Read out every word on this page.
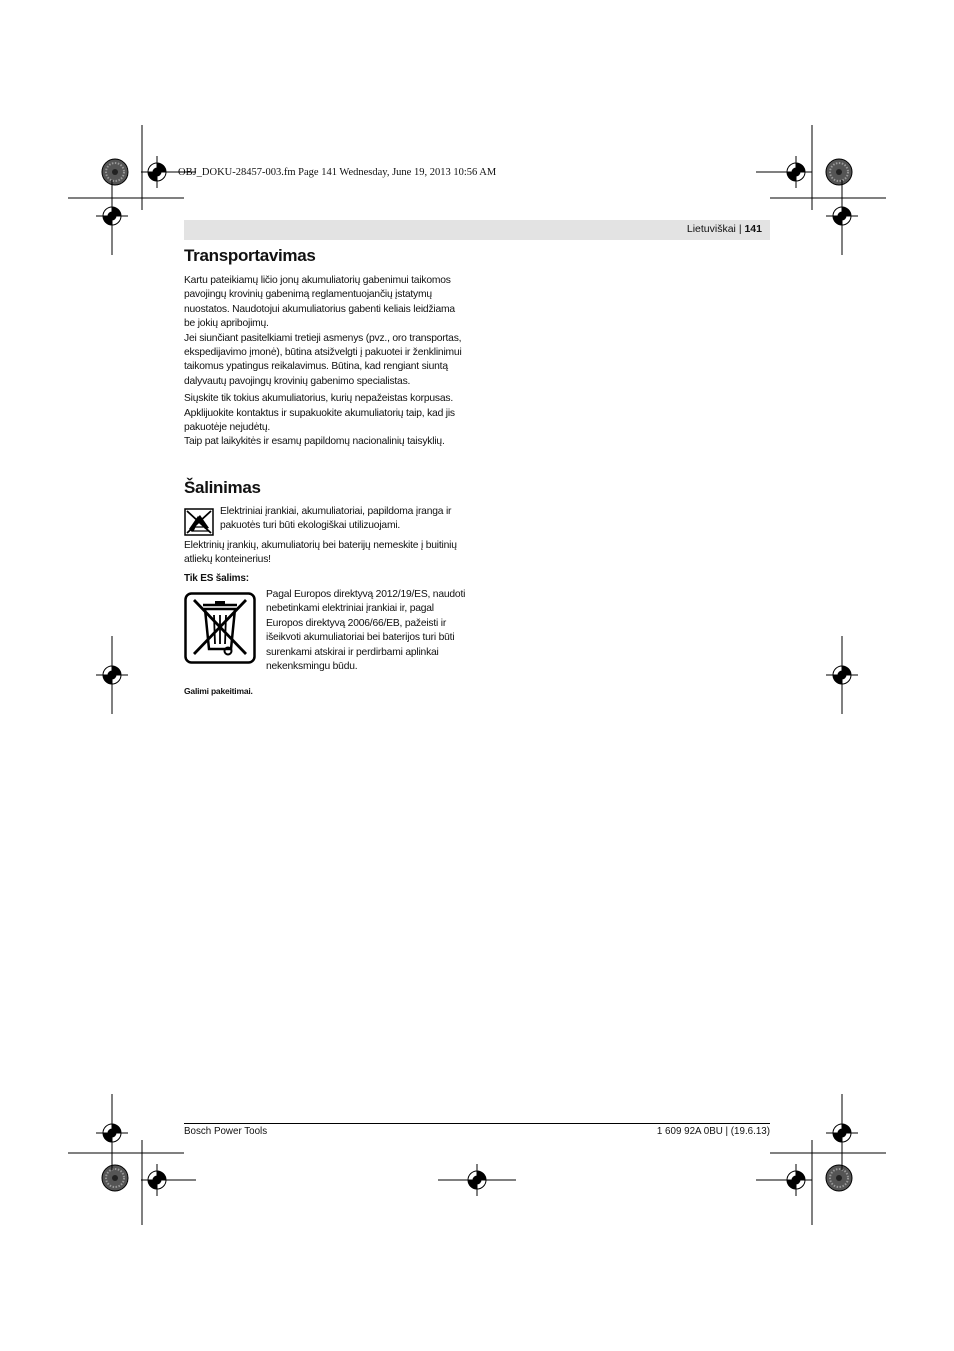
OBJ_DOKU-28457-003.fm Page 141 Wednesday, June 19, 2013 10:56 AM
Lietuviškai | 141
Transportavimas

Kartu pateikiamų ličio jonų akumuliatorių gabenimui taikomos pavojingų krovinių gabenimą reglamentuojančių įstatymų nuostatos. Naudotojui akumuliatorius gabenti keliais leidžiama be jokių apribojimų.

Jei siunčiant pasitelkiami tretieji asmenys (pvz., oro transportas, ekspedijavimo įmonė), būtina atsižvelgti į pakuotei ir ženklinimui taikomus ypatingus reikalavimus. Būtina, kad rengiant siuntą dalyvautų pavojingų krovinių gabenimo specialistas.

Siųskite tik tokius akumuliatorius, kurių nepažeistas korpusas. Apklijuokite kontaktus ir supakuokite akumuliatorių taip, kad jis pakuotėje nejudėtų.

Taip pat laikykitės ir esamų papildomų nacionalinių taisyklių.

Šalinimas

Elektriniai įrankiai, akumuliatoriai, papildoma įranga ir pakuotės turi būti ekologiškai utilizuojami.

Elektrinių įrankių, akumuliatorių bei baterijų nemeskite į buitinių atliekų konteinerius!

Tik ES šalims:

Pagal Europos direktyvą 2012/19/ES, naudoti nebetinkami elektriniai įrankiai ir, pagal Europos direktyvą 2006/66/EB, pažeisti ir išeikvoti akumuliatoriai bei baterijos turi būti surenkami atskirai ir perdirbami aplinkai nekenksmingu būdu.

Galimi pakeitimai.

Bosch Power Tools	1 609 92A 0BU | (19.6.13)
